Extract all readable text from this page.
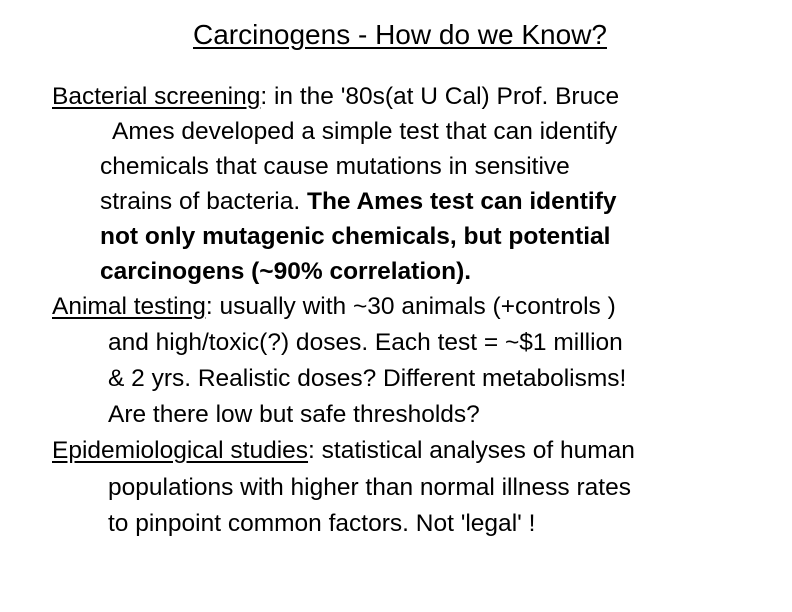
Carcinogens - How do we Know?
Bacterial screening: in the '80s(at U Cal) Prof. Bruce
Ames developed a simple test that can identify
chemicals that cause mutations in sensitive
strains of bacteria. The Ames test can identify
not only mutagenic chemicals, but potential
carcinogens (~90% correlation).
Animal testing: usually with ~30 animals (+controls )
and high/toxic(?) doses. Each test = ~$1 million
& 2 yrs. Realistic doses? Different metabolisms!
Are there low but safe thresholds?
Epidemiological studies: statistical analyses of human
populations with higher than normal illness rates
to pinpoint common factors. Not 'legal' !
